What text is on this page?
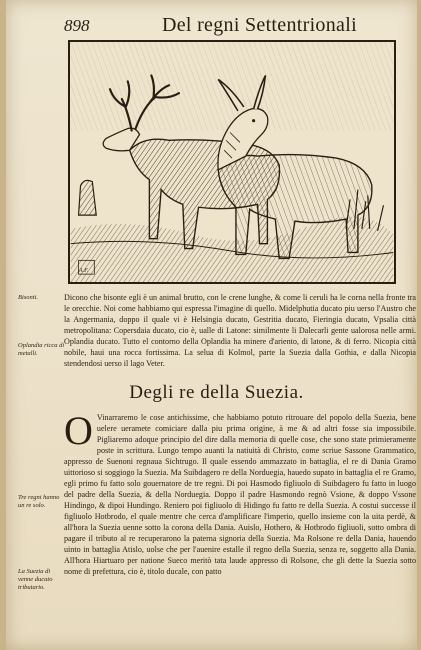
898	Del regni Settentrionali
A.F.
Bisonti.
Oplandia ricca di metalli.
Tre regni hanno un re solo.
La Suezia di venne ducato tributario.

Dicono che bisonte egli è un animal brutto, con le crene lunghe, & come li ceruli ha le corna nella fronte tra le orecchie. Noi come habbiamo qui espressa l'imagine di quello. Midelphutia ducato piu uerso l'Austro che la Angermania, doppo il quale vi è Helsingia ducato, Gestritia ducato, Fieringia ducato, Vpsalia città metropolitana: Copersdaia ducato, cio è, ualle di Latone: similmente li Dalecarli gente ualorosa nelle armi. Oplandia ducato. Tutto el contorno della Oplandia ha minere d'ariento, di latone, & di ferro. Nicopia città nobile, haui una rocca fortissima. La selua di Kolmol, parte la Suezia dalla Gothia, e dalla Nicopia stendendosi uerso il lago Veter.

Degli re della Suezia.
O Vinarraremo le cose antichissime, che habbiamo potuto ritrouare del popolo della Suezia, bene uelere ueramete comiciare dalla piu prima origine, à me & ad altri fosse sia impossibile. Pigliaremo adoque principio del dire dalla memoria di quelle cose, che sono state primieramente poste in scrittura. Lungo tempo auanti la natiuità di Christo, come scriue Sassone Grammatico, appresso de Suenoni regnaua Sichtrugo. Il quale essendo ammazzato in battaglia, el re di Dania Gramo uittorioso si soggiogo la Suezia. Ma Suibdagero re della Norduegia, hauedo supato in battaglia el re Gramo, egli primo fu fatto solo gouernatore de tre regni. Di poi Hasmodo figliuolo di Suibdagero fu fatto in luogo del padre della Suezia, & della Norduegia. Doppo il padre Hasmondo regnò Vsione, & doppo Vssone Hindingo, & dipoi Hundingo. Reniero poi figliuolo di Hidingo fu fatto re della Suezia. A costui successe il figliuolo Hotbrodo, el quale mentre che cerca d'amplificare l'imperio, quello insieme con la uita perdè, & all'hora la Suezia uenne sotto la corona della Dania. Auislo, Hothero, & Hotbrodo figliuoli, sotto ombra di pagare il tributo al re recuperarono la paterna signoria della Suezia. Ma Rolsone re della Dania, hauendo uinto in battaglia Atislo, uolse che per l'auenire estalle il regno della Suezia, senza re, soggetto alla Dania. All'hora Hiartuaro per natione Sueco meritò tata laude appresso di Rolsone, che gli dette la Suezia sotto nome di prefettura, cio è, titolo ducale, con patto
